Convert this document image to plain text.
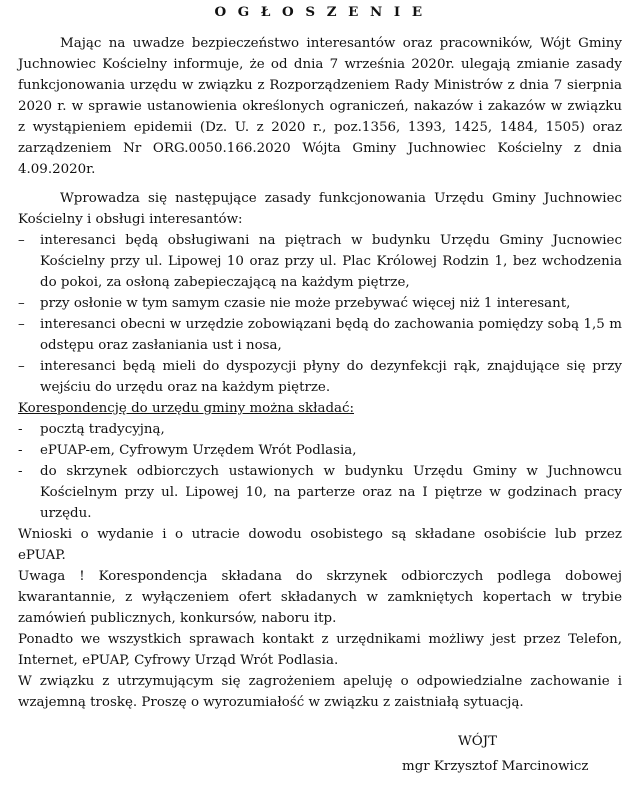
O G Ł O S Z E N I E

Mając na uwadze bezpieczeństwo interesantów oraz pracowników, Wójt Gminy Juchnowiec Kościelny informuje, że od dnia 7 września 2020r. ulegają zmianie zasady funkcjonowania urzędu w związku z Rozporządzeniem Rady Ministrów z dnia 7 sierpnia 2020 r. w sprawie ustanowienia określonych ograniczeń, nakazów i zakazów w związku z wystąpieniem epidemii (Dz. U. z 2020 r., poz.1356, 1393, 1425, 1484, 1505) oraz zarządzeniem Nr ORG.0050.166.2020 Wójta Gminy Juchnowiec Kościelny z dnia 4.09.2020r.

Wprowadza się następujące zasady funkcjonowania Urzędu Gminy Juchnowiec Kościelny i obsługi interesantów:

– interesanci będą obsługiwani na piętrach w budynku Urzędu Gminy Jucnowiec Kościelny przy ul. Lipowej 10 oraz przy ul. Plac Królowej Rodzin 1, bez wchodzenia do pokoi, za osłoną zabepieczającą na każdym piętrze,
– przy osłonie w tym samym czasie nie może przebywać więcej niż 1 interesant,
– interesanci obecni w urzędzie zobowiązani będą do zachowania pomiędzy sobą 1,5 m odstępu oraz zasłaniania ust i nosa,
– interesanci będą mieli do dyspozycji płyny do dezynfekcji rąk, znajdujące się przy wejściu do urzędu oraz na każdym piętrze.

Korespondencję do urzędu gminy można składać:

- pocztą tradycyjną,
- ePUAP-em, Cyfrowym Urzędem Wrót Podlasia,
- do skrzynek odbiorczych ustawionych w budynku Urzędu Gminy w Juchnowcu Kościelnym przy ul. Lipowej 10, na parterze oraz na I piętrze w godzinach pracy urzędu.

Wnioski o wydanie i o utracie dowodu osobistego są składane osobiście lub przez ePUAP.

Uwaga ! Korespondencja składana do skrzynek odbiorczych podlega dobowej kwarantannie, z wyłączeniem ofert składanych w zamkniętych kopertach w trybie zamówień publicznych, konkursów, naboru itp.

Ponadto we wszystkich sprawach kontakt z urzędnikami możliwy jest przez Telefon, Internet, ePUAP, Cyfrowy Urząd Wrót Podlasia.

W związku z utrzymującym się zagrożeniem apeluję o odpowiedzialne zachowanie i wzajemną troskę. Proszę o wyrozumiałość w związku z zaistniałą sytuacją.

WÓJT
mgr Krzysztof Marcinowicz
